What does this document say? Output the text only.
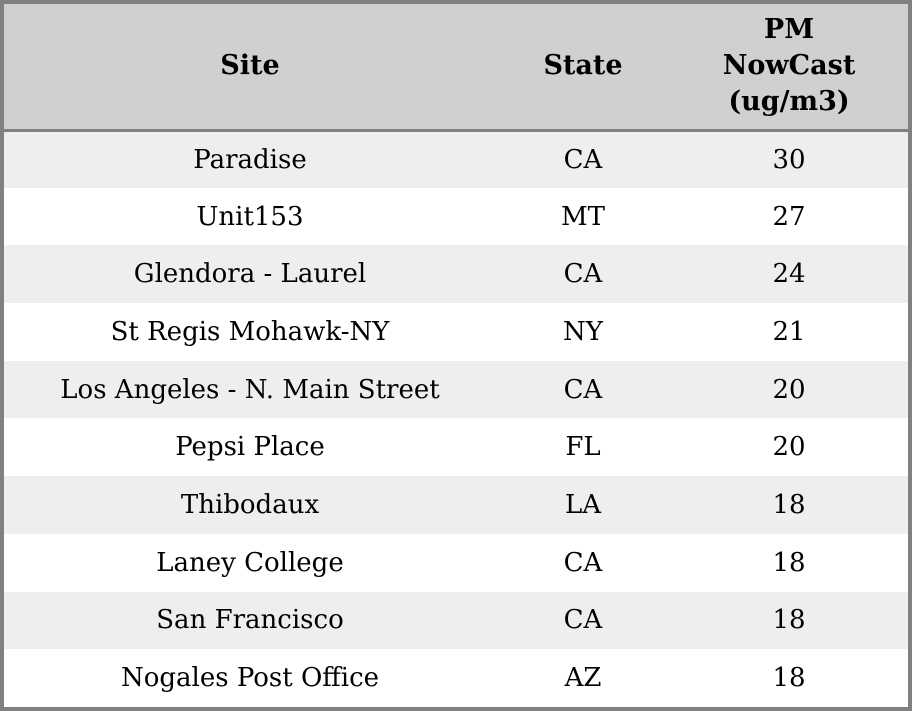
Site	State	PM NowCast (ug/m3)

Paradise	CA	30
Unit153	MT	27
Glendora - Laurel	CA	24
St Regis Mohawk-NY	NY	21
Los Angeles - N. Main Street	CA	20
Pepsi Place	FL	20
Thibodaux	LA	18
Laney College	CA	18
San Francisco	CA	18
Nogales Post Office	AZ	18
